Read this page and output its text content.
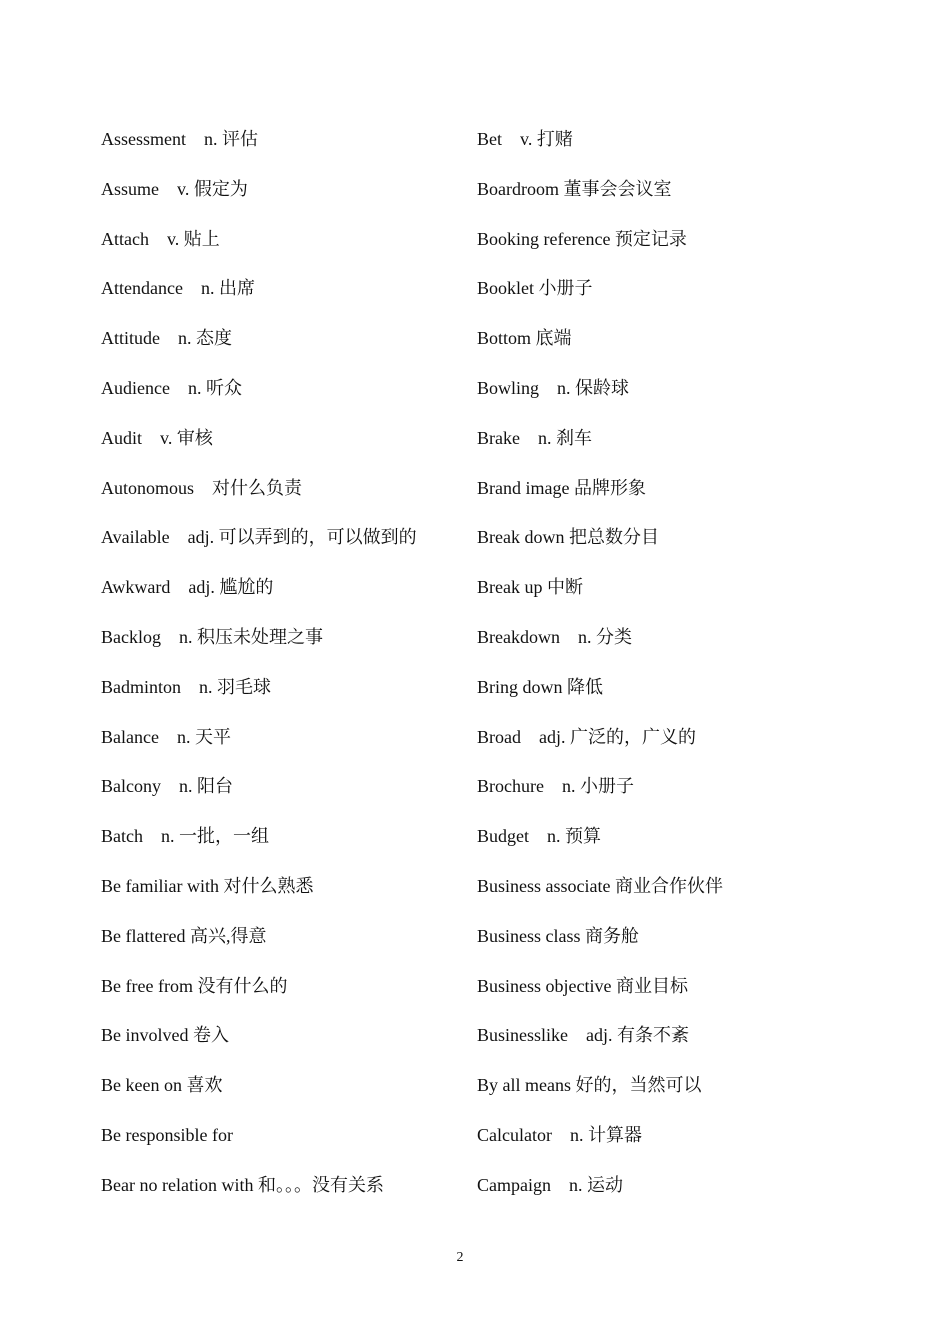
Assessment　n. 评估
Assume　v. 假定为
Attach　v. 贴上
Attendance　n. 出席
Attitude　n. 态度
Audience　n. 听众
Audit　v. 审核
Autonomous　对什么负责
Available　adj. 可以弄到的，可以做到的
Awkward　adj. 尴尬的
Backlog　n. 积压未处理之事
Badminton　n. 羽毛球
Balance　n. 天平
Balcony　n. 阳台
Batch　n. 一批，一组
Be familiar with 对什么熟悉
Be flattered 高兴,得意
Be free from 没有什么的
Be involved 卷入
Be keen on 喜欢
Be responsible for
Bear no relation with 和。。。没有关系
Bet　v. 打赌
Boardroom 董事会会议室
Booking reference 预定记录
Booklet 小册子
Bottom 底端
Bowling　n. 保龄球
Brake　n. 刹车
Brand image 品牌形象
Break down 把总数分目
Break up 中断
Breakdown　n. 分类
Bring down 降低
Broad　adj. 广泛的，广义的
Brochure　n. 小册子
Budget　n. 预算
Business associate 商业合作伙伴
Business class 商务舱
Business objective 商业目标
Businesslike　adj. 有条不紊
By all means 好的，当然可以
Calculator　n. 计算器
Campaign　n. 运动
2
